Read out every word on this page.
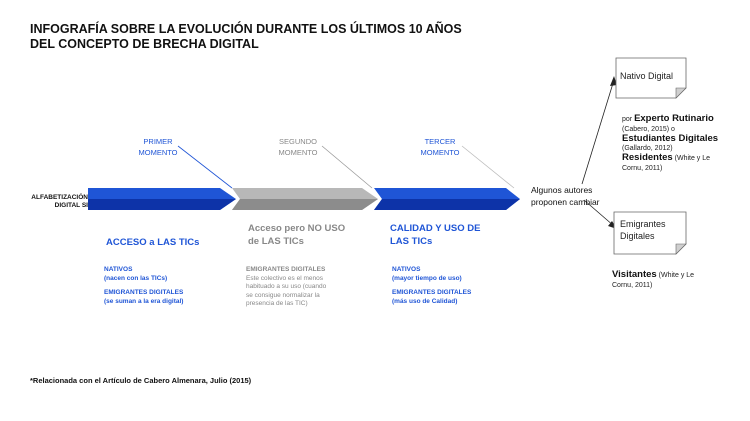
INFOGRAFÍA SOBRE LA EVOLUCIÓN DURANTE LOS ÚLTIMOS 10 AÑOS
DEL CONCEPTO DE BRECHA DIGITAL
ALFABETIZACIÓN
DIGITAL SI
PRIMER
MOMENTO
SEGUNDO
MOMENTO
TERCER
MOMENTO
ACCESO a LAS TICs
NATIVOS
(nacen con las TICs)
EMIGRANTES DIGITALES
(se suman a la era digital)
Acceso pero NO USO
de LAS TICs
EMIGRANTES DIGITALES
Este colectivo es el menos
habituado a su uso (cuando
se consigue normalizar la
presencia de las TIC)
CALIDAD Y USO DE
LAS TICs
NATIVOS
(mayor tiempo de uso)
EMIGRANTES DIGITALES
(más uso de Calidad)
Algunos autores
proponen cambiar
Nativo Digital
Emigrantes
Digitales
por Experto Rutinario
(Cabero, 2015) o
Estudiantes Digitales
(Gallardo, 2012)
Residentes (White y Le
Cornu, 2011)
Visitantes (White y Le
Cornu, 2011)
*Relacionada con el Artículo de Cabero Almenara, Julio (2015)
